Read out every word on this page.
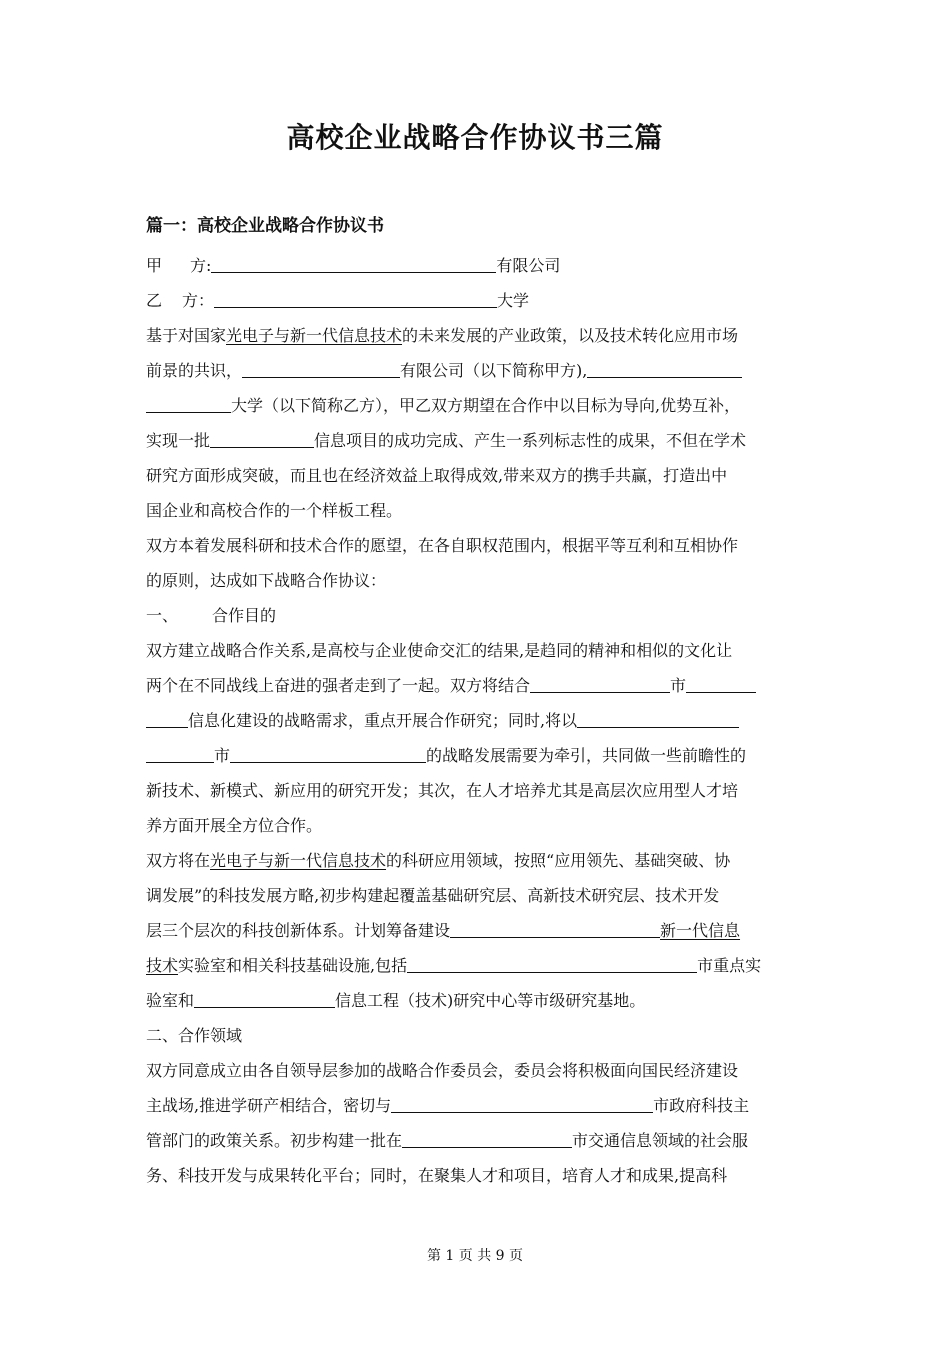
高校企业战略合作协议书三篇
篇一：高校企业战略合作协议书
甲 方:	有限公司
乙 方：	大学
基于对国家光电子与新一代信息技术的未来发展的产业政策，以及技术转化应用市场
前景的共识，	有限公司（以下简称甲方),
大学（以下简称乙方），甲乙双方期望在合作中以目标为导向,优势互补，
实现一批	信息项目的成功完成、产生一系列标志性的成果，不但在学术
研究方面形成突破，而且也在经济效益上取得成效,带来双方的携手共赢，打造出中
国企业和高校合作的一个样板工程。
双方本着发展科研和技术合作的愿望，在各自职权范围内，根据平等互利和互相协作
的原则，达成如下战略合作协议：
一、 合作目的
双方建立战略合作关系,是高校与企业使命交汇的结果,是趋同的精神和相似的文化让
两个在不同战线上奋进的强者走到了一起。双方将结合	市
信息化建设的战略需求，重点开展合作研究；同时,将以
市	的战略发展需要为牵引，共同做一些前瞻性的
新技术、新模式、新应用的研究开发；其次，在人才培养尤其是高层次应用型人才培
养方面开展全方位合作。
双方将在光电子与新一代信息技术的科研应用领域，按照“应用领先、基础突破、协
调发展”的科技发展方略,初步构建起覆盖基础研究层、高新技术研究层、技术开发
层三个层次的科技创新体系。计划筹备建设	新一代信息
技术实验室和相关科技基础设施,包括	市重点实
验室和	信息工程（技术)研究中心等市级研究基地。
二、合作领域
双方同意成立由各自领导层参加的战略合作委员会，委员会将积极面向国民经济建设
主战场,推进学研产相结合，密切与	市政府科技主
管部门的政策关系。初步构建一批在	市交通信息领域的社会服
务、科技开发与成果转化平台；同时，在聚集人才和项目，培育人才和成果,提高科
第 1 页 共 9 页
